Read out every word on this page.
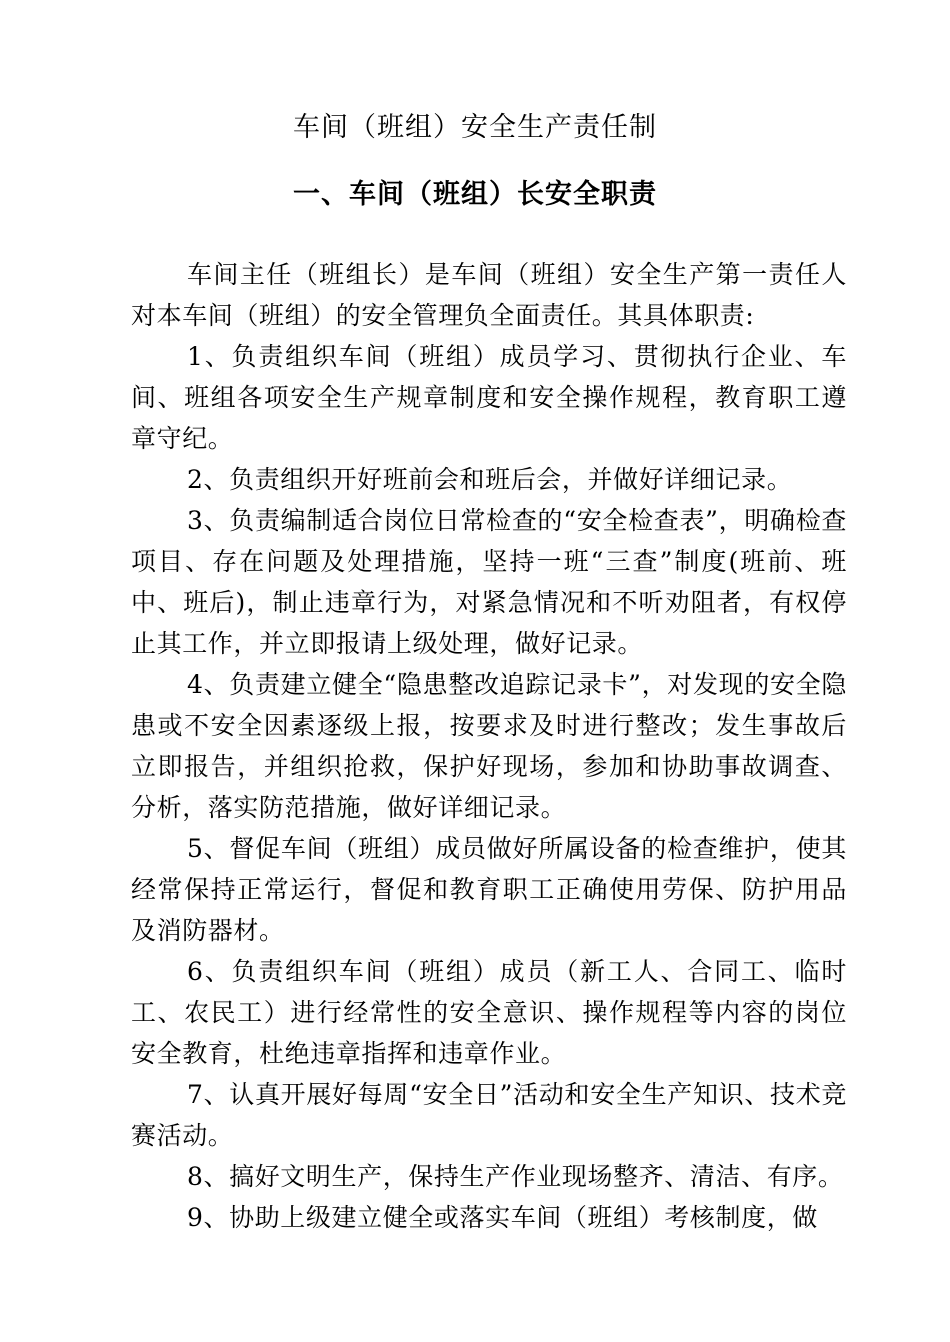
车间（班组）安全生产责任制
一、车间（班组）长安全职责

车间主任（班组长）是车间（班组）安全生产第一责任人对本车间（班组）的安全管理负全面责任。其具体职责:

1、负责组织车间（班组）成员学习、贯彻执行企业、车间、班组各项安全生产规章制度和安全操作规程，教育职工遵章守纪。

2、负责组织开好班前会和班后会，并做好详细记录。

3、负责编制适合岗位日常检查的“安全检查表”，明确检查项目、存在问题及处理措施，坚持一班“三查”制度(班前、班中、班后)，制止违章行为，对紧急情况和不听劝阻者，有权停止其工作，并立即报请上级处理，做好记录。

4、负责建立健全“隐患整改追踪记录卡”，对发现的安全隐患或不安全因素逐级上报，按要求及时进行整改；发生事故后立即报告，并组织抢救，保护好现场，参加和协助事故调查、分析，落实防范措施，做好详细记录。

5、督促车间（班组）成员做好所属设备的检查维护，使其经常保持正常运行，督促和教育职工正确使用劳保、防护用品及消防器材。

6、负责组织车间（班组）成员（新工人、合同工、临时工、农民工）进行经常性的安全意识、操作规程等内容的岗位安全教育，杜绝违章指挥和违章作业。

7、认真开展好每周“安全日”活动和安全生产知识、技术竞赛活动。

8、搞好文明生产，保持生产作业现场整齐、清洁、有序。

9、协助上级建立健全或落实车间（班组）考核制度，做
